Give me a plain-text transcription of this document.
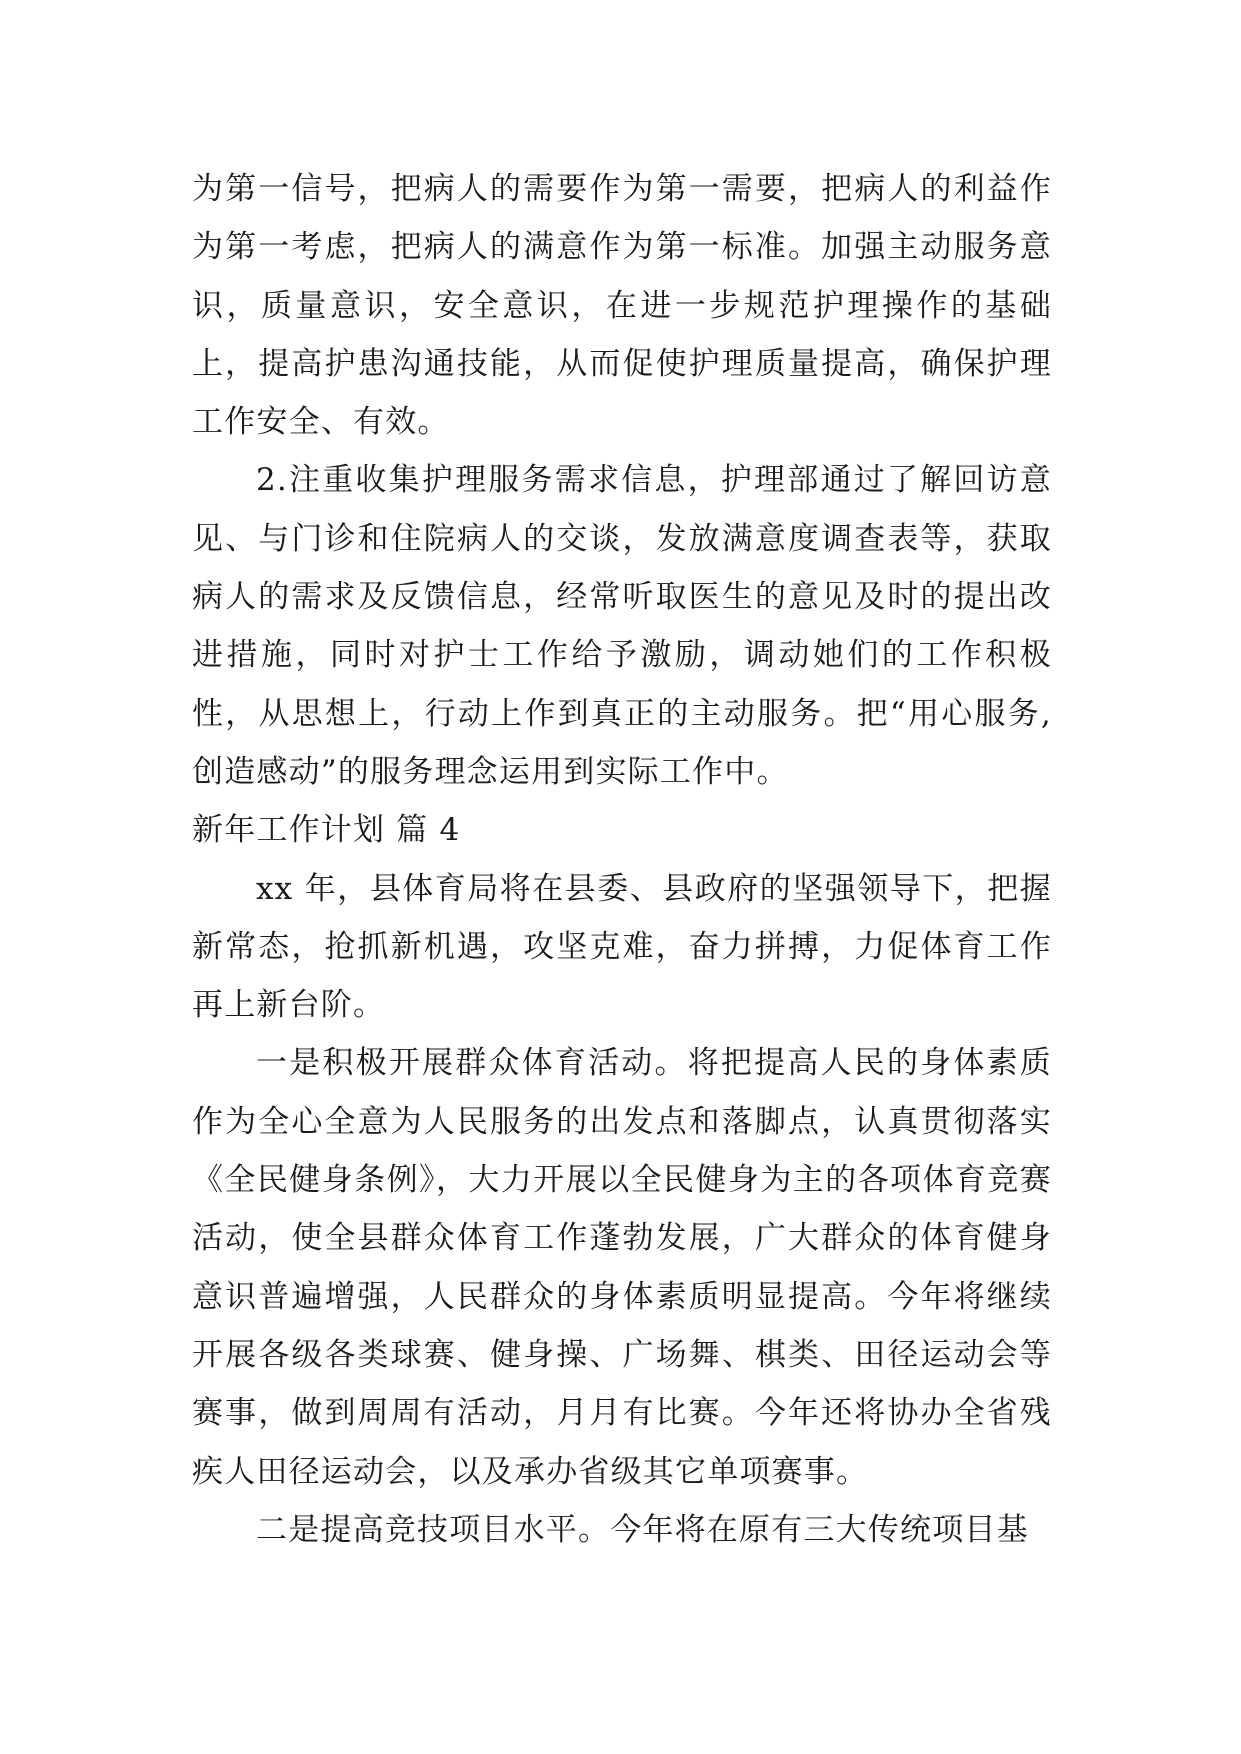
为第一信号，把病人的需要作为第一需要，把病人的利益作为第一考虑，把病人的满意作为第一标准。加强主动服务意识，质量意识，安全意识，在进一步规范护理操作的基础上，提高护患沟通技能，从而促使护理质量提高，确保护理工作安全、有效。

2.注重收集护理服务需求信息，护理部通过了解回访意见、与门诊和住院病人的交谈，发放满意度调查表等，获取病人的需求及反馈信息，经常听取医生的意见及时的提出改进措施，同时对护士工作给予激励，调动她们的工作积极性，从思想上，行动上作到真正的主动服务。把“用心服务,创造感动”的服务理念运用到实际工作中。

新年工作计划 篇 4

xx 年，县体育局将在县委、县政府的坚强领导下，把握新常态，抢抓新机遇，攻坚克难，奋力拼搏，力促体育工作再上新台阶。

一是积极开展群众体育活动。将把提高人民的身体素质作为全心全意为人民服务的出发点和落脚点，认真贯彻落实《全民健身条例》，大力开展以全民健身为主的各项体育竞赛活动，使全县群众体育工作蓬勃发展，广大群众的体育健身意识普遍增强，人民群众的身体素质明显提高。今年将继续开展各级各类球赛、健身操、广场舞、棋类、田径运动会等赛事，做到周周有活动，月月有比赛。今年还将协办全省残疾人田径运动会，以及承办省级其它单项赛事。

二是提高竞技项目水平。今年将在原有三大传统项目基
